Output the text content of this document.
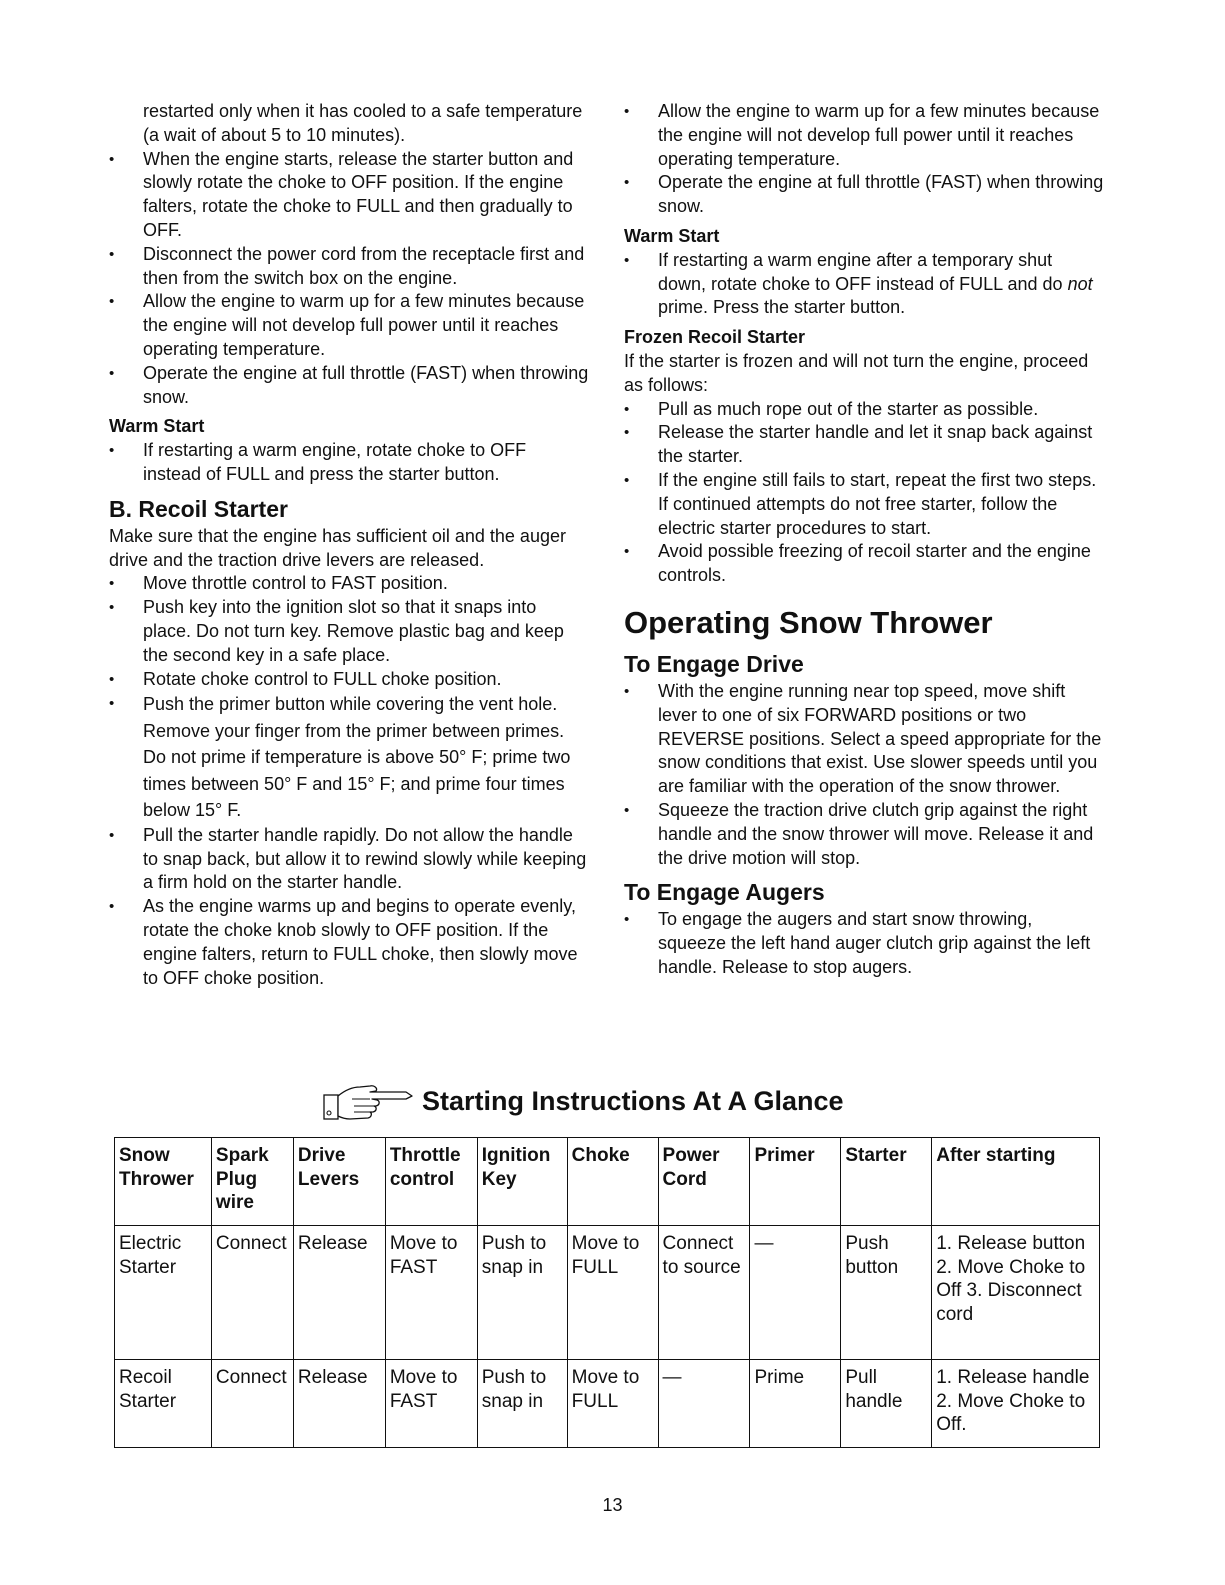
restarted only when it has cooled to a safe temperature (a wait of about 5 to 10 minutes).

• When the engine starts, release the starter button and slowly rotate the choke to OFF position. If the engine falters, rotate the choke to FULL and then gradually to OFF.
• Disconnect the power cord from the receptacle first and then from the switch box on the engine.
• Allow the engine to warm up for a few minutes because the engine will not develop full power until it reaches operating temperature.
• Operate the engine at full throttle (FAST) when throwing snow.
Warm Start
• If restarting a warm engine, rotate choke to OFF instead of FULL and press the starter button.
B. Recoil Starter

Make sure that the engine has sufficient oil and the auger drive and the traction drive levers are released.

• Move throttle control to FAST position.
• Push key into the ignition slot so that it snaps into place. Do not turn key. Remove plastic bag and keep the second key in a safe place.
• Rotate choke control to FULL choke position.
• Push the primer button while covering the vent hole. Remove your finger from the primer between primes. Do not prime if temperature is above 50° F; prime two times between 50° F and 15° F; and prime four times below 15° F.
• Pull the starter handle rapidly. Do not allow the handle to snap back, but allow it to rewind slowly while keeping a firm hold on the starter handle.
• As the engine warms up and begins to operate evenly, rotate the choke knob slowly to OFF position. If the engine falters, return to FULL choke, then slowly move to OFF choke position.
• Allow the engine to warm up for a few minutes because the engine will not develop full power until it reaches operating temperature.
• Operate the engine at full throttle (FAST) when throwing snow.
Warm Start
• If restarting a warm engine after a temporary shut down, rotate choke to OFF instead of FULL and do not prime. Press the starter button.
Frozen Recoil Starter

If the starter is frozen and will not turn the engine, proceed as follows:

• Pull as much rope out of the starter as possible.
• Release the starter handle and let it snap back against the starter.
• If the engine still fails to start, repeat the first two steps. If continued attempts do not free starter, follow the electric starter procedures to start.
• Avoid possible freezing of recoil starter and the engine controls.
Operating Snow Thrower
To Engage Drive
• With the engine running near top speed, move shift lever to one of six FORWARD positions or two REVERSE positions. Select a speed appropriate for the snow conditions that exist. Use slower speeds until you are familiar with the operation of the snow thrower.
• Squeeze the traction drive clutch grip against the right handle and the snow thrower will move. Release it and the drive motion will stop.
To Engage Augers
• To engage the augers and start snow throwing, squeeze the left hand auger clutch grip against the left handle. Release to stop augers.
Starting Instructions At A Glance
Snow Thrower	Spark Plug wire	Drive Levers	Throttle control	Ignition Key	Choke	Power Cord	Primer	Starter	After starting
Electric Starter	Connect	Release	Move to FAST	Push to snap in	Move to FULL	Connect to source	—	Push button	1. Release button 2. Move Choke to Off 3. Disconnect cord
Recoil Starter	Connect	Release	Move to FAST	Push to snap in	Move to FULL	—	Prime	Pull handle	1. Release handle 2. Move Choke to Off.
13
